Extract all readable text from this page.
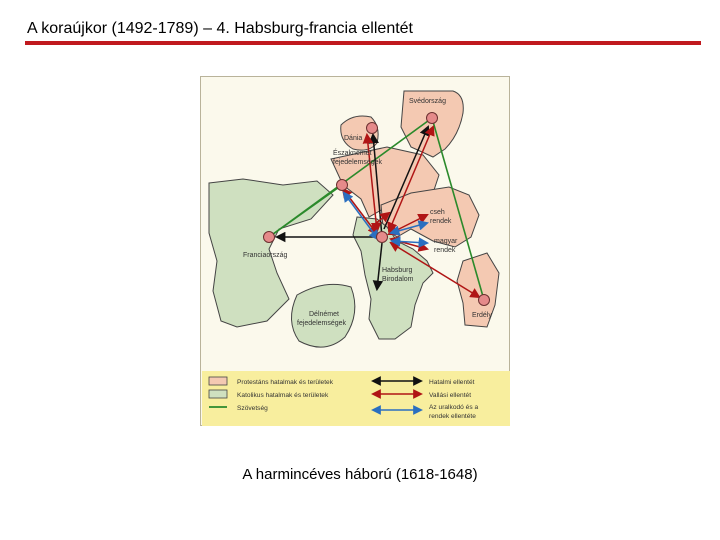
A koraújkor (1492-1789) – 4. Habsburg-francia ellentét
Svédország
Dánia
Északnémet
fejedelemségek
cseh
rendek
magyar
rendek
Franciaország
Habsburg
Birodalom
Délnémet
fejedelemségek
Erdély
Protestáns hatalmak és területek
Katolikus hatalmak és területek
Szövetség
Hatalmi ellentét
Vallási ellentét
Az uralkodó és a
rendek ellentéte
A harmincéves háború (1618-1648)
